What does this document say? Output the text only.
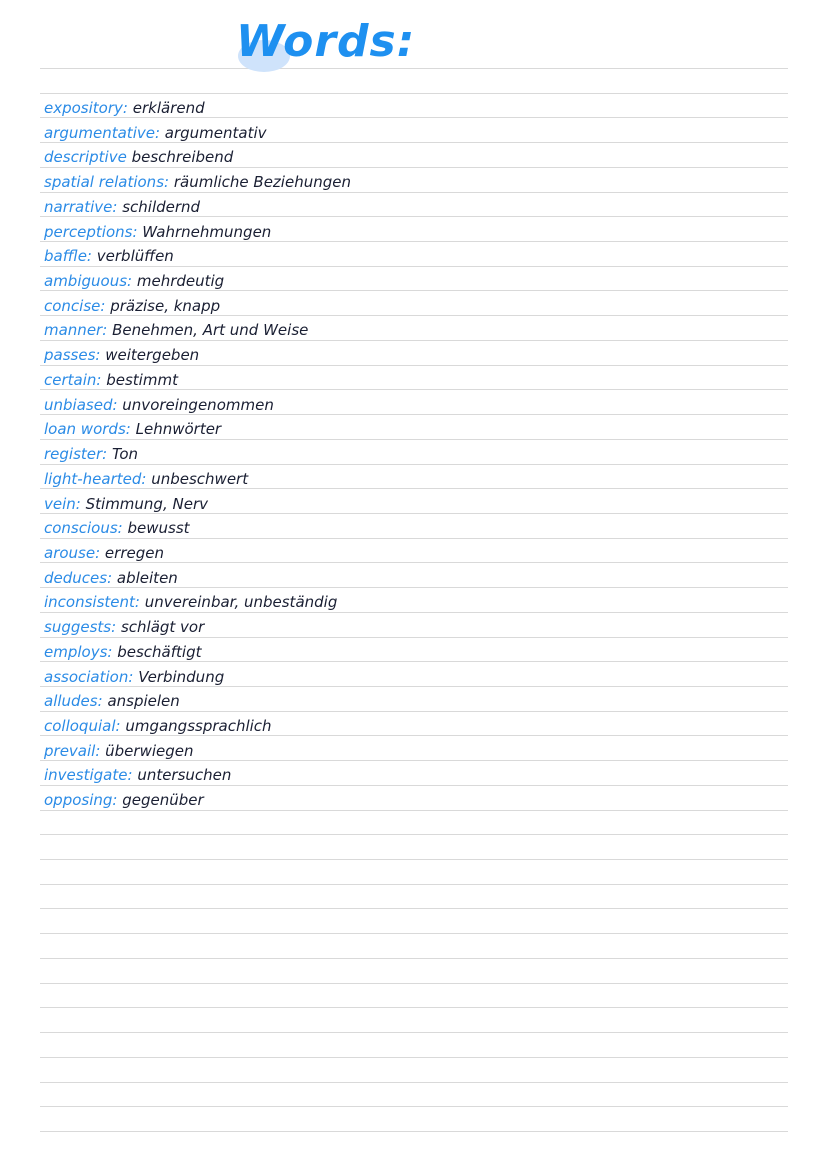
Words:
expository: erklärend
argumentative: argumentativ
descriptive beschreibend
spatial relations: räumliche Beziehungen
narrative: schildernd
perceptions: Wahrnehmungen
baffle: verblüffen
ambiguous: mehrdeutig
concise: präzise, knapp
manner: Benehmen, Art und Weise
passes: weitergeben
certain: bestimmt
unbiased: unvoreingenommen
loan words: Lehnwörter
register: Ton
light-hearted: unbeschwert
vein: Stimmung, Nerv
conscious: bewusst
arouse: erregen
deduces: ableiten
inconsistent: unvereinbar, unbeständig
suggests: schlägt vor
employs: beschäftigt
association: Verbindung
alludes: anspielen
colloquial: umgangssprachlich
prevail: überwiegen
investigate: untersuchen
opposing: gegenüber
